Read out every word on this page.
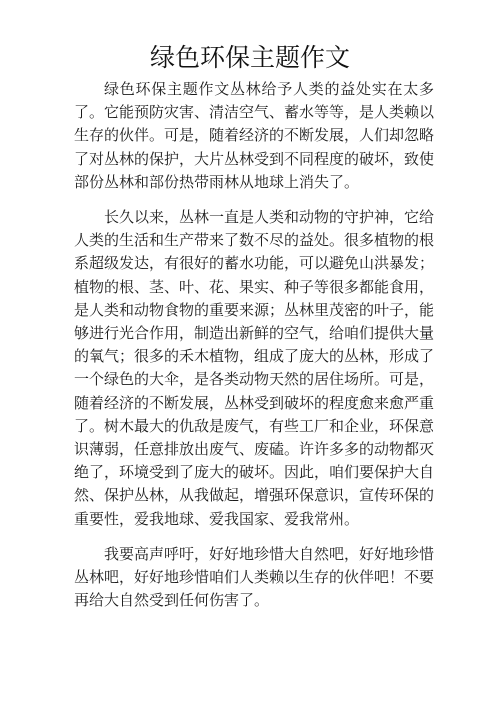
绿色环保主题作文

绿色环保主题作文丛林给予人类的益处实在太多了。它能预防灾害、清洁空气、蓄水等等，是人类赖以生存的伙伴。可是，随着经济的不断发展，人们却忽略了对丛林的保护，大片丛林受到不同程度的破坏，致使部份丛林和部份热带雨林从地球上消失了。

长久以来，丛林一直是人类和动物的守护神，它给人类的生活和生产带来了数不尽的益处。很多植物的根系超级发达，有很好的蓄水功能，可以避免山洪暴发；植物的根、茎、叶、花、果实、种子等很多都能食用，是人类和动物食物的重要来源；丛林里茂密的叶子，能够进行光合作用，制造出新鲜的空气，给咱们提供大量的氧气；很多的禾木植物，组成了庞大的丛林，形成了一个绿色的大伞，是各类动物天然的居住场所。可是，随着经济的不断发展，丛林受到破坏的程度愈来愈严重了。树木最大的仇敌是废气，有些工厂和企业，环保意识薄弱，任意排放出废气、废磕。许许多多的动物都灭绝了，环境受到了庞大的破坏。因此，咱们要保护大自然、保护丛林，从我做起，增强环保意识，宣传环保的重要性，爱我地球、爱我国家、爱我常州。

我要高声呼吁，好好地珍惜大自然吧，好好地珍惜丛林吧，好好地珍惜咱们人类赖以生存的伙伴吧！不要再给大自然受到任何伤害了。
